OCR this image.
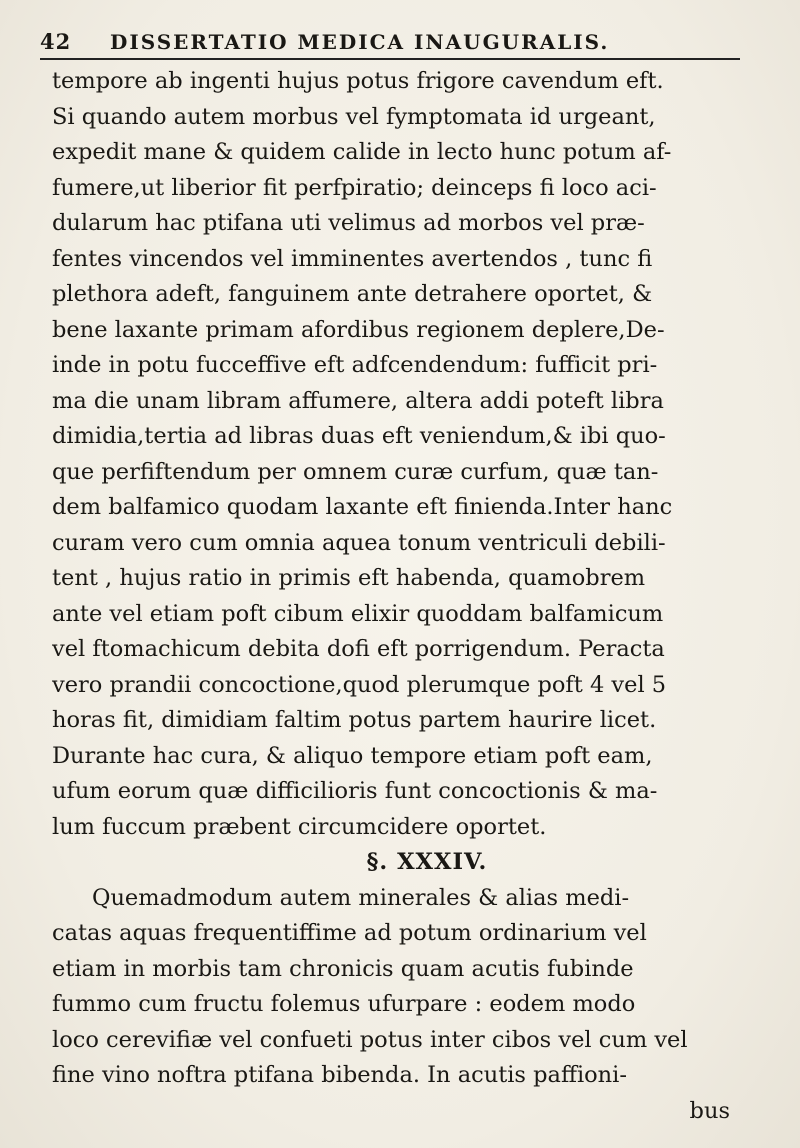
42	DISSERTATIO MEDICA INAUGURALIS.
tempore ab ingenti hujus potus frigore cavendum eft.
Si quando autem morbus vel fymptomata id urgeant,
expedit mane & quidem calide in lecto hunc potum af-
fumere,ut liberior fit perfpiratio; deinceps fi loco aci-
dularum hac ptifana uti velimus ad morbos vel præ-
fentes vincendos vel imminentes avertendos , tunc fi
plethora adeft, fanguinem ante detrahere oportet, &
bene laxante primam afordibus regionem deplere,De-
inde in potu fucceffive eft adfcendendum: fufficit pri-
ma die unam libram affumere, altera addi poteft libra
dimidia,tertia ad libras duas eft veniendum,& ibi quo-
que perfiftendum per omnem curæ curfum, quæ tan-
dem balfamico quodam laxante eft finienda.Inter hanc
curam vero cum omnia aquea tonum ventriculi debili-
tent , hujus ratio in primis eft habenda, quamobrem
ante vel etiam poft cibum elixir quoddam balfamicum
vel ftomachicum debita dofi eft porrigendum. Peracta
vero prandii concoctione,quod plerumque poft 4 vel 5
horas fit, dimidiam faltim potus partem haurire licet.
Durante hac cura, & aliquo tempore etiam poft eam,
ufum eorum quæ difficilioris funt concoctionis & ma-
lum fuccum præbent circumcidere oportet.
§. XXXIV.
Quemadmodum autem minerales & alias medi-
catas aquas frequentiffime ad potum ordinarium vel
etiam in morbis tam chronicis quam acutis fubinde
fummo cum fructu folemus ufurpare : eodem modo
loco cerevifiæ vel confueti potus inter cibos vel cum vel
fine vino noftra ptifana bibenda. In acutis paffioni-
bus
